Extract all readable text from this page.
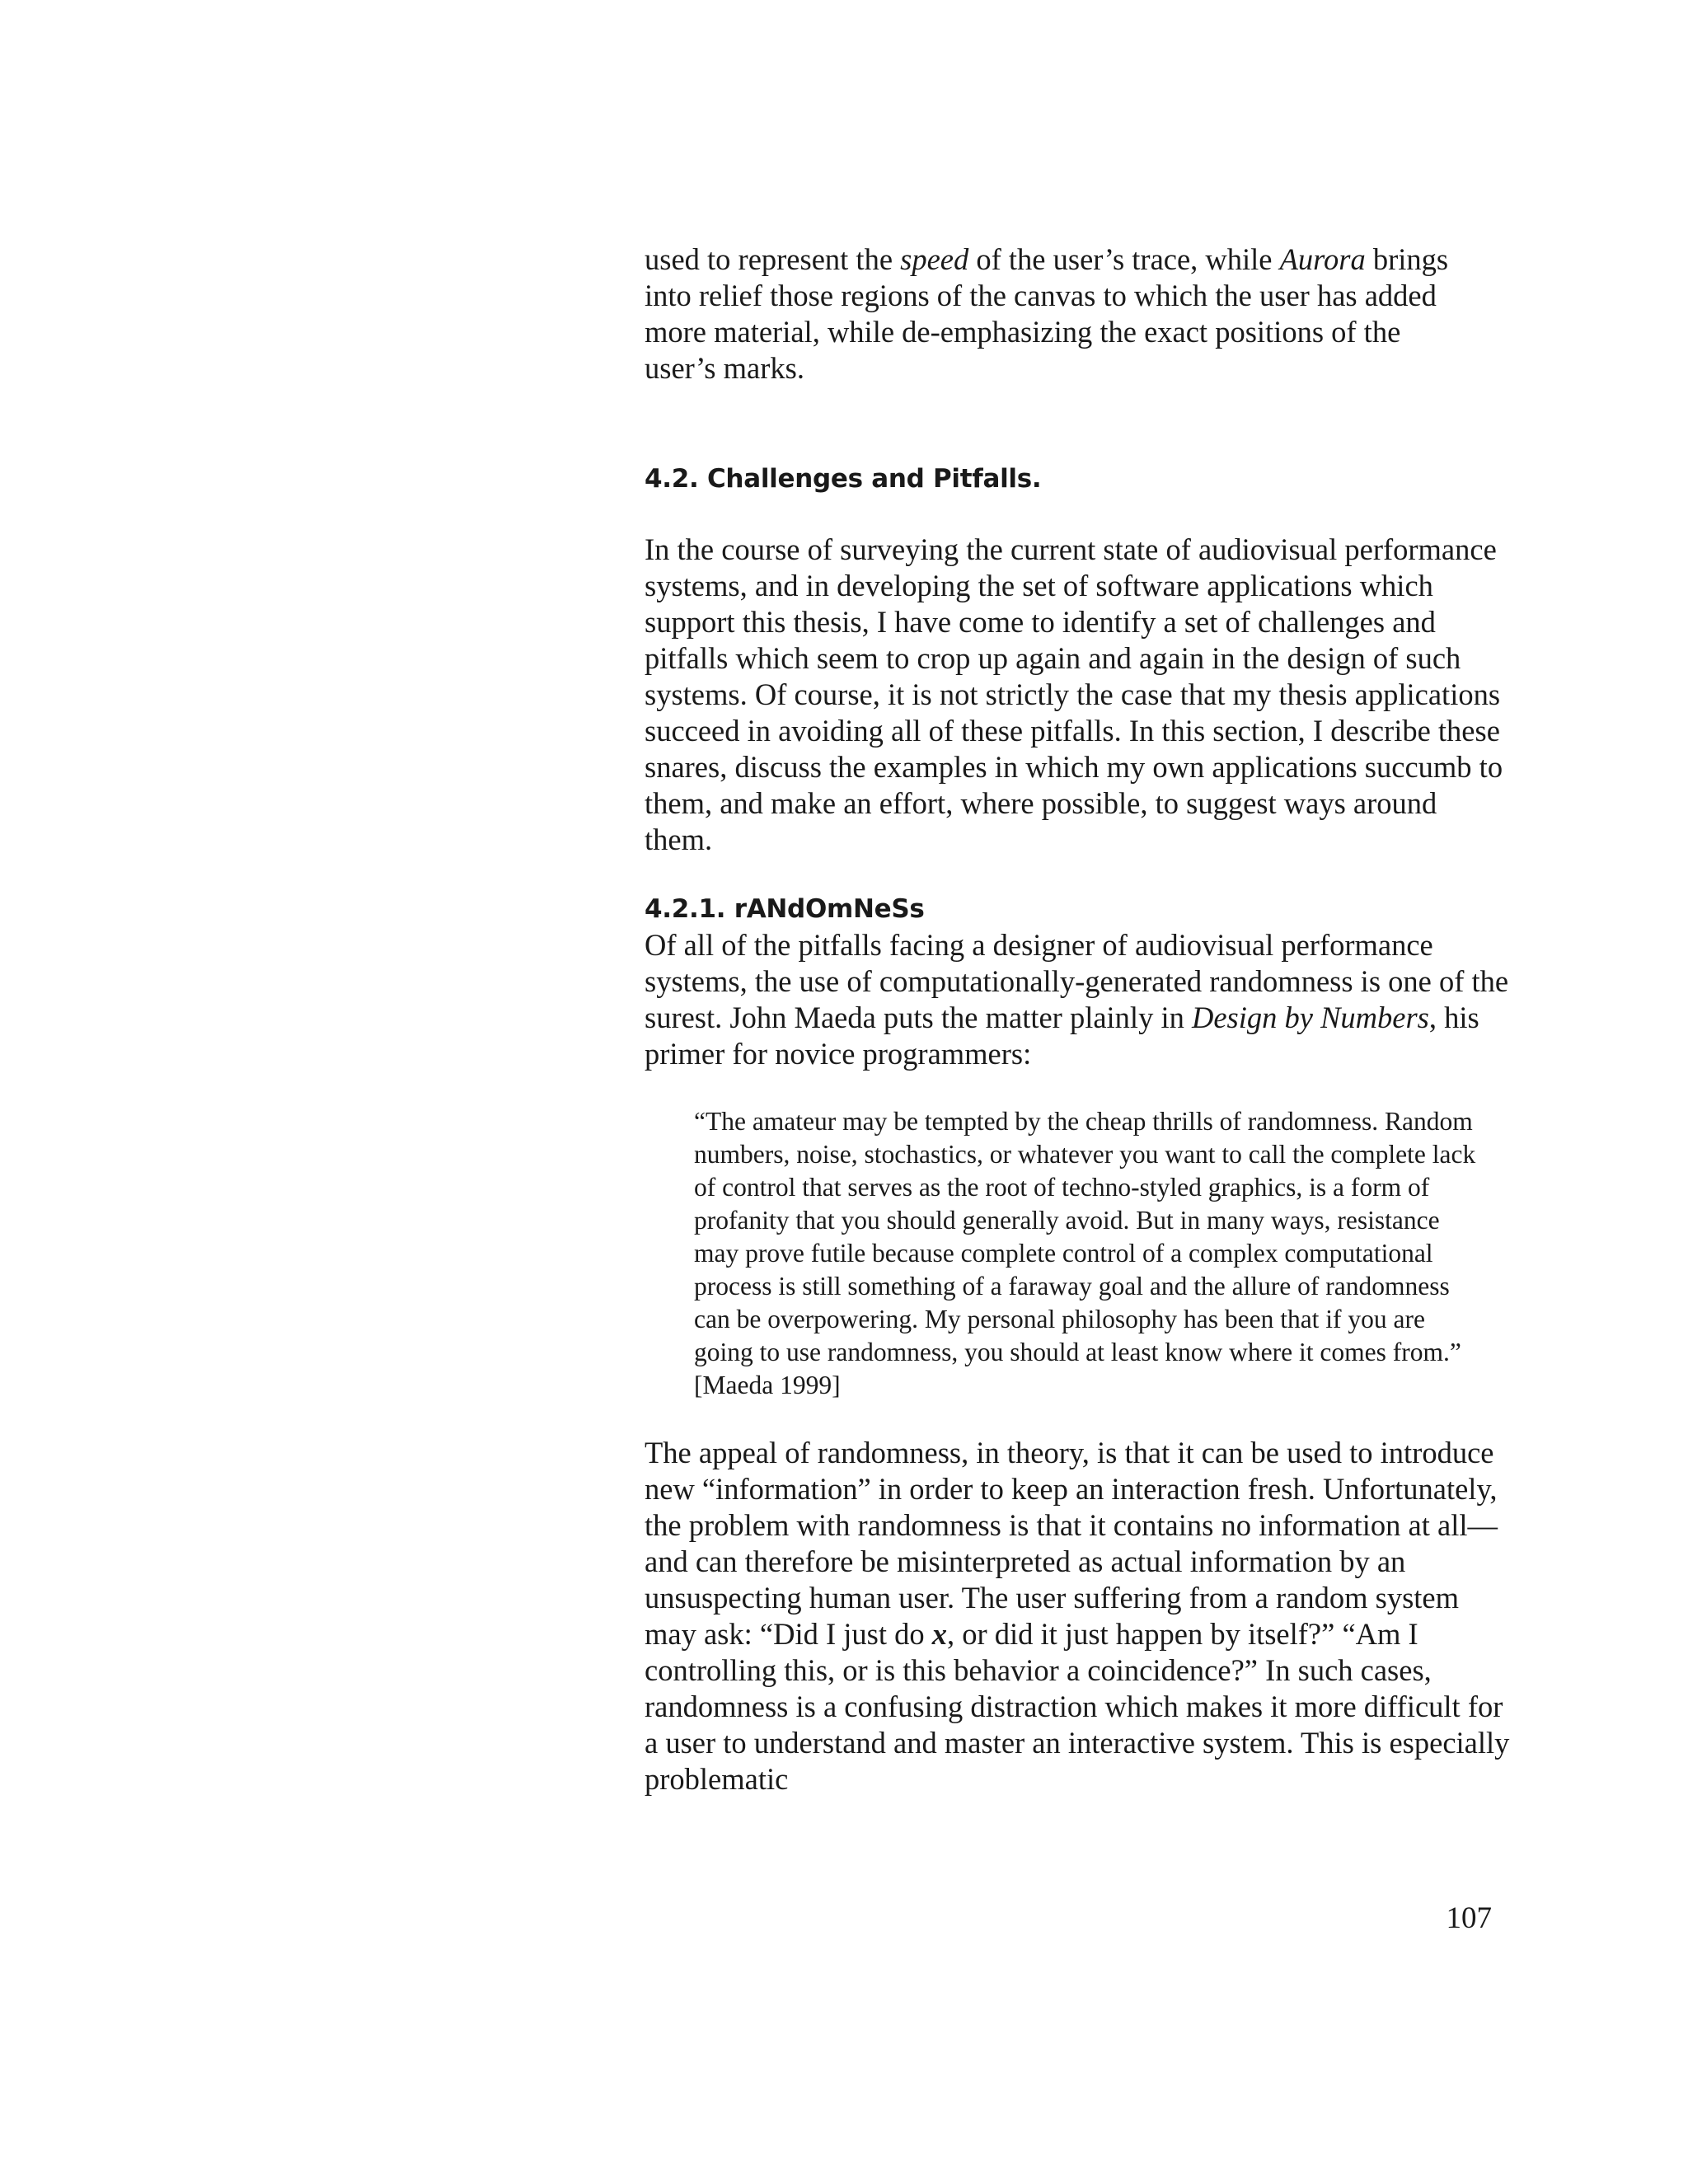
used to represent the speed of the user’s trace, while Aurora brings into relief those regions of the canvas to which the user has added more material, while de-emphasizing the exact positions of the user’s marks.

4.2. Challenges and Pitfalls.

In the course of surveying the current state of audiovisual performance systems, and in developing the set of software applications which support this thesis, I have come to identify a set of challenges and pitfalls which seem to crop up again and again in the design of such systems. Of course, it is not strictly the case that my thesis applications succeed in avoiding all of these pitfalls. In this section, I describe these snares, discuss the examples in which my own applications succumb to them, and make an effort, where possible, to suggest ways around them.

4.2.1. rANdOmNeSs

Of all of the pitfalls facing a designer of audiovisual performance systems, the use of computationally-generated randomness is one of the surest. John Maeda puts the matter plainly in Design by Numbers, his primer for novice programmers:

“The amateur may be tempted by the cheap thrills of randomness. Random numbers, noise, stochastics, or whatever you want to call the complete lack of control that serves as the root of techno-styled graphics, is a form of profanity that you should generally avoid. But in many ways, resistance may prove futile because complete control of a complex computational process is still something of a faraway goal and the allure of randomness can be overpowering. My personal philosophy has been that if you are going to use randomness, you should at least know where it comes from.” [Maeda 1999]

The appeal of randomness, in theory, is that it can be used to introduce new “information” in order to keep an interaction fresh. Unfortunately, the problem with randomness is that it contains no information at all—and can therefore be misinterpreted as actual information by an unsuspecting human user. The user suffering from a random system may ask: “Did I just do x, or did it just happen by itself?” “Am I controlling this, or is this behavior a coincidence?” In such cases, randomness is a confusing distraction which makes it more difficult for a user to understand and master an interactive system. This is especially problematic

107
